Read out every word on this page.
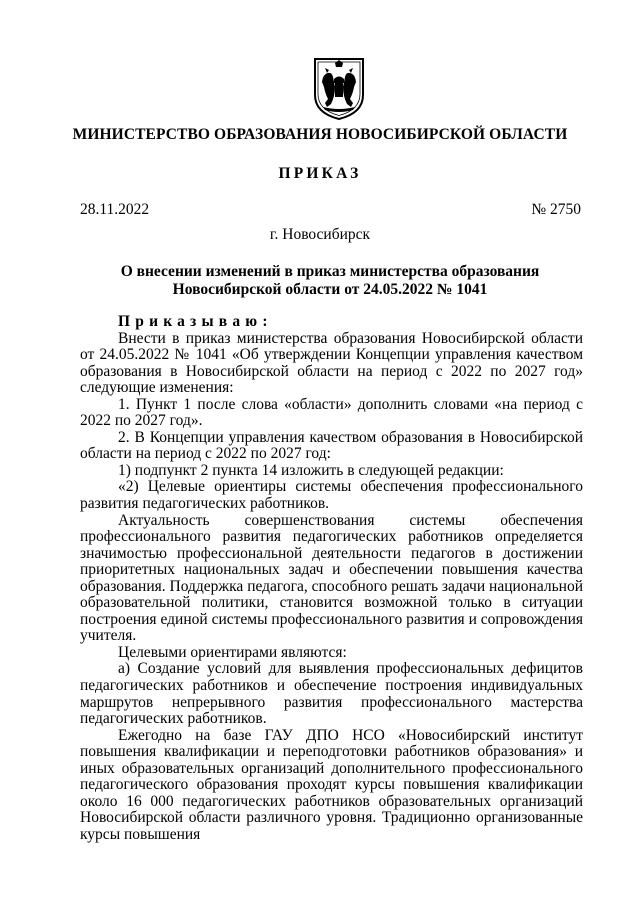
МИНИСТЕРСТВО ОБРАЗОВАНИЯ НОВОСИБИРСКОЙ ОБЛАСТИ
ПРИКАЗ
28.11.2022	№ 2750
г. Новосибирск
О внесении изменений в приказ министерства образования
Новосибирской области от 24.05.2022 № 1041

Приказываю:

Внести в приказ министерства образования Новосибирской области от 24.05.2022 № 1041 «Об утверждении Концепции управления качеством образования в Новосибирской области на период с 2022 по 2027 год» следующие изменения:

1. Пункт 1 после слова «области» дополнить словами «на период с 2022 по 2027 год».

2. В Концепции управления качеством образования в Новосибирской области на период с 2022 по 2027 год:

1) подпункт 2 пункта 14 изложить в следующей редакции:

«2) Целевые ориентиры системы обеспечения профессионального развития педагогических работников.

Актуальность совершенствования системы обеспечения профессионального развития педагогических работников определяется значимостью профессиональной деятельности педагогов в достижении приоритетных национальных задач и обеспечении повышения качества образования. Поддержка педагога, способного решать задачи национальной образовательной политики, становится возможной только в ситуации построения единой системы профессионального развития и сопровождения учителя.

Целевыми ориентирами являются:

а) Создание условий для выявления профессиональных дефицитов педагогических работников и обеспечение построения индивидуальных маршрутов непрерывного развития профессионального мастерства педагогических работников.

Ежегодно на базе ГАУ ДПО НСО «Новосибирский институт повышения квалификации и переподготовки работников образования» и иных образовательных организаций дополнительного профессионального педагогического образования проходят курсы повышения квалификации около 16 000 педагогических работников образовательных организаций Новосибирской области различного уровня. Традиционно организованные курсы повышения
